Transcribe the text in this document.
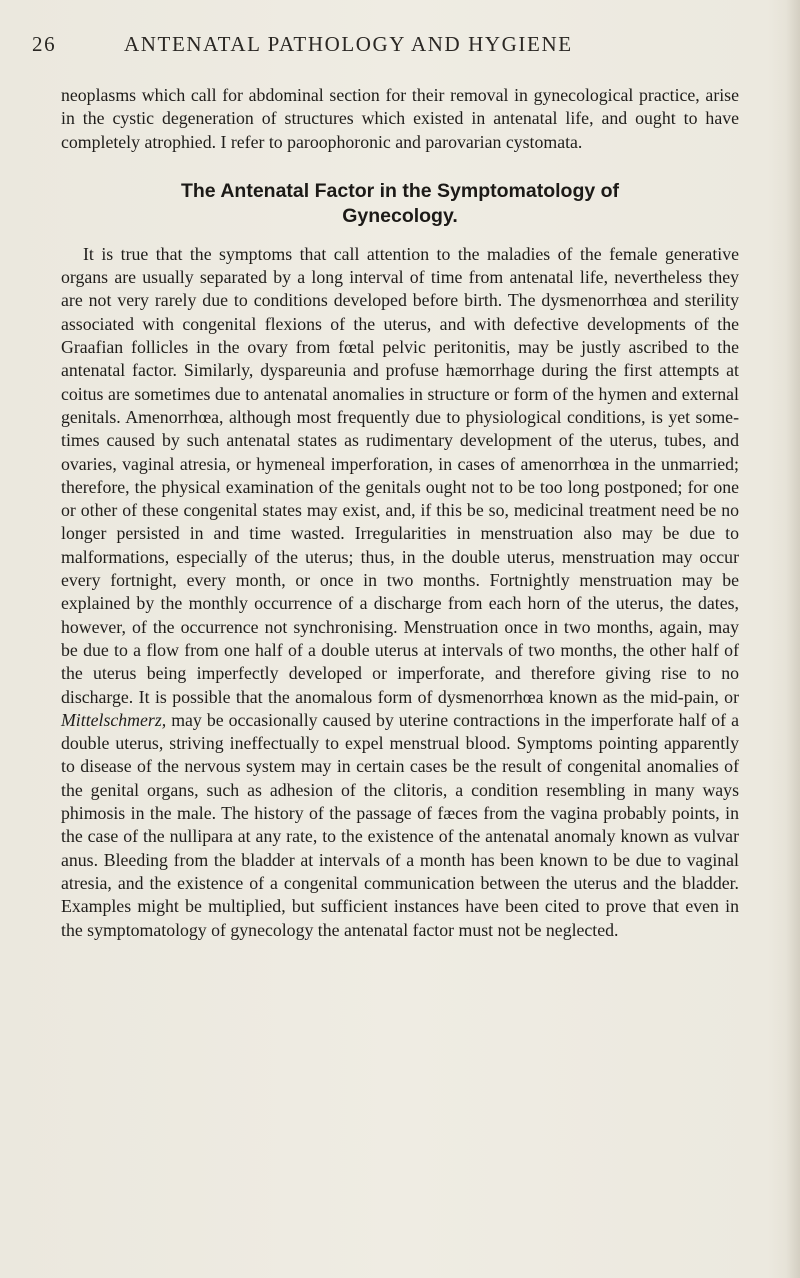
26	ANTENATAL PATHOLOGY AND HYGIENE

neoplasms which call for abdominal section for their removal in gynecological practice, arise in the cystic degeneration of structures which existed in antenatal life, and ought to have completely atrophied. I refer to paroophoronic and parovarian cystomata.

The Antenatal Factor in the Symptomatology of
Gynecology.

It is true that the symptoms that call attention to the maladies of the female generative organs are usually separated by a long interval of time from antenatal life, nevertheless they are not very rarely due to conditions developed before birth. The dysmenorrhœa and sterility associated with congenital flexions of the uterus, and with defective developments of the Graafian follicles in the ovary from fœtal pelvic peritonitis, may be justly ascribed to the antenatal factor. Similarly, dyspareunia and profuse hæmorrhage during the first attempts at coitus are sometimes due to antenatal anomalies in structure or form of the hymen and external genitals. Amenorrhœa, although most frequently due to physiological conditions, is yet sometimes caused by such antenatal states as rudimentary development of the uterus, tubes, and ovaries, vaginal atresia, or hymeneal imperforation, in cases of amenorrhœa in the unmarried; therefore, the physical examination of the genitals ought not to be too long postponed; for one or other of these congenital states may exist, and, if this be so, medicinal treatment need be no longer persisted in and time wasted. Irregularities in menstruation also may be due to malformations, especially of the uterus; thus, in the double uterus, menstruation may occur every fortnight, every month, or once in two months. Fortnightly menstruation may be explained by the monthly occurrence of a discharge from each horn of the uterus, the dates, however, of the occurrence not synchronising. Menstruation once in two months, again, may be due to a flow from one half of a double uterus at intervals of two months, the other half of the uterus being imperfectly developed or imperforate, and therefore giving rise to no discharge. It is possible that the anomalous form of dysmenorrhœa known as the mid-pain, or Mittelschmerz, may be occasionally caused by uterine contractions in the imperforate half of a double uterus, striving ineffectually to expel menstrual blood. Symptoms pointing apparently to disease of the nervous system may in certain cases be the result of congenital anomalies of the genital organs, such as adhesion of the clitoris, a condition resembling in many ways phimosis in the male. The history of the passage of fæces from the vagina probably points, in the case of the nullipara at any rate, to the existence of the antenatal anomaly known as vulvar anus. Bleeding from the bladder at intervals of a month has been known to be due to vaginal atresia, and the existence of a congenital communication between the uterus and the bladder. Examples might be multiplied, but sufficient instances have been cited to prove that even in the symptomatology of gynecology the antenatal factor must not be neglected.
